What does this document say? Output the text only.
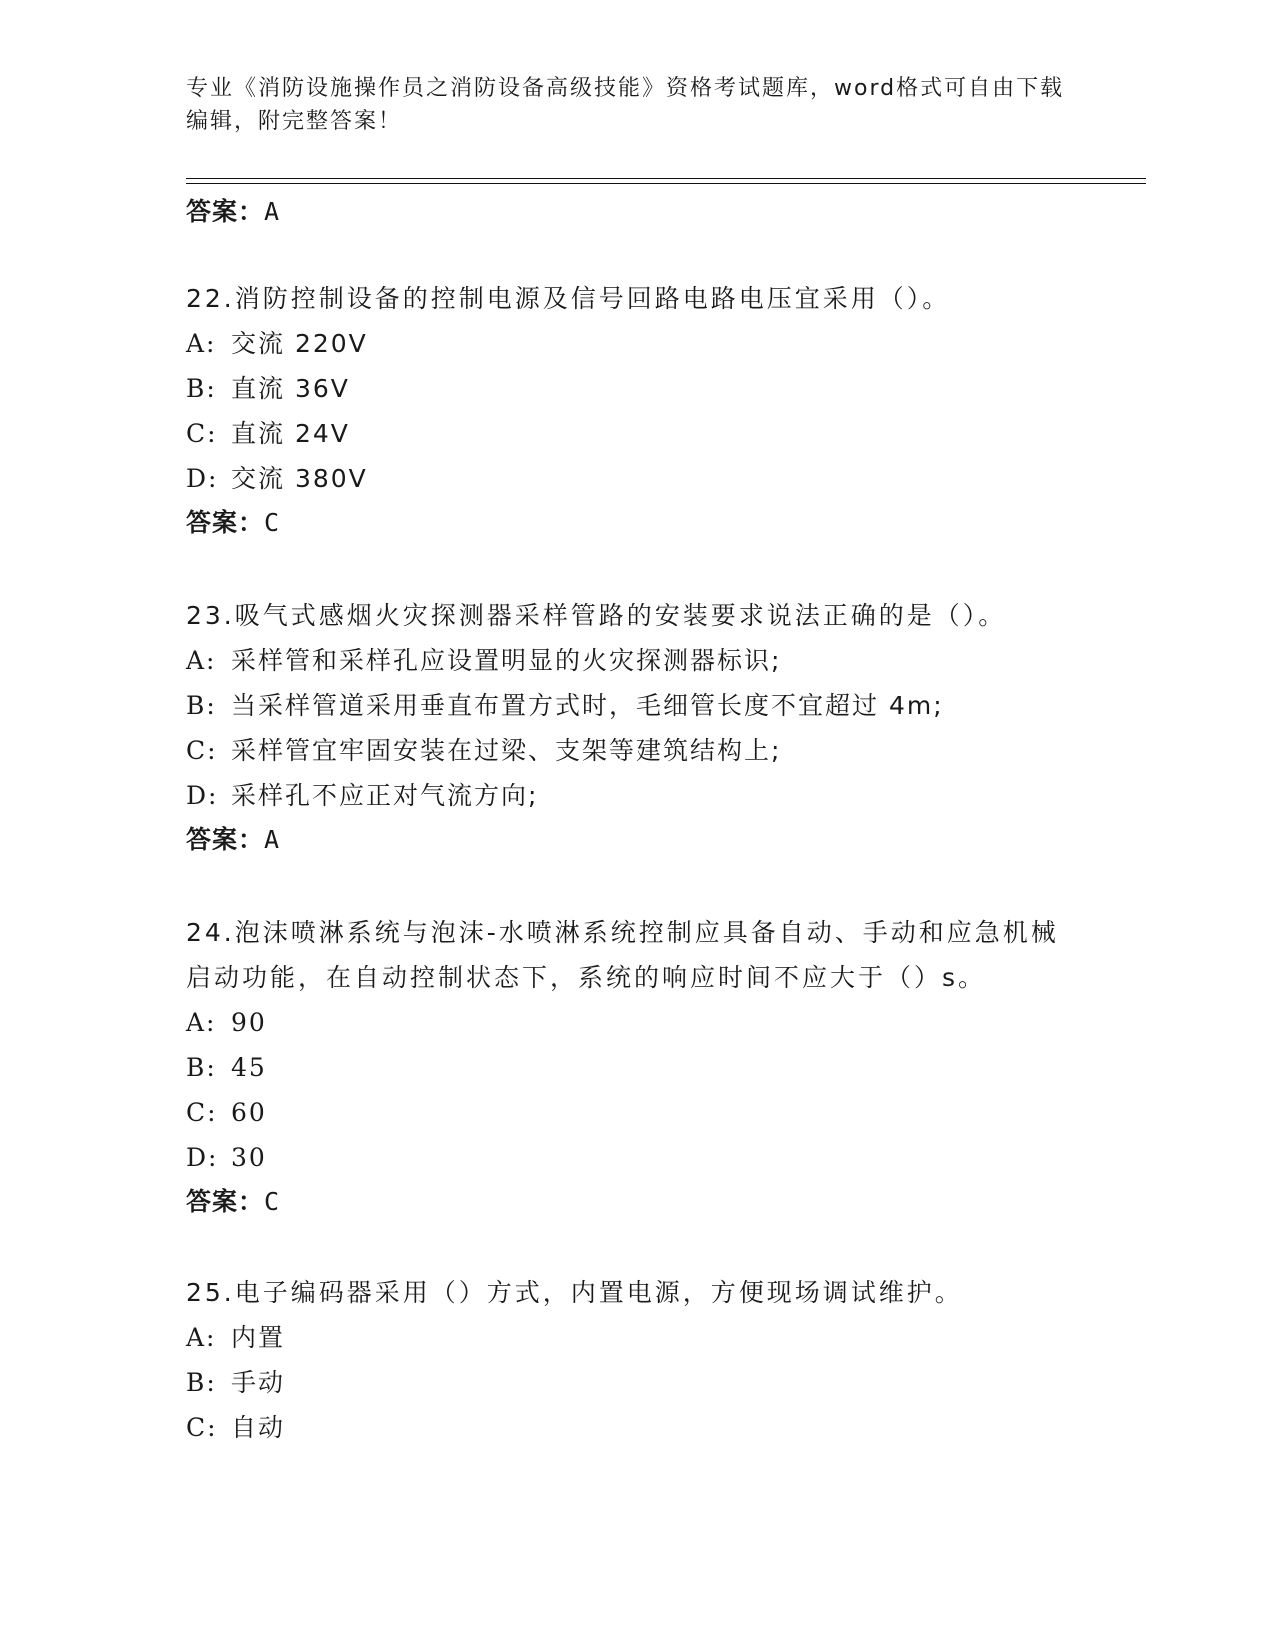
专业《消防设施操作员之消防设备高级技能》资格考试题库，word格式可自由下载编辑，附完整答案！
答案：A
22.消防控制设备的控制电源及信号回路电路电压宜采用（）。
A: 交流 220V
B: 直流 36V
C: 直流 24V
D: 交流 380V
答案：C
23.吸气式感烟火灾探测器采样管路的安装要求说法正确的是（）。
A: 采样管和采样孔应设置明显的火灾探测器标识;
B: 当采样管道采用垂直布置方式时，毛细管长度不宜超过 4m;
C: 采样管宜牢固安装在过梁、支架等建筑结构上;
D: 采样孔不应正对气流方向;
答案：A
24.泡沫喷淋系统与泡沫-水喷淋系统控制应具备自动、手动和应急机械启动功能，在自动控制状态下，系统的响应时间不应大于（）s。
A: 90
B: 45
C: 60
D: 30
答案：C
25.电子编码器采用（）方式，内置电源，方便现场调试维护。
A: 内置
B: 手动
C: 自动
